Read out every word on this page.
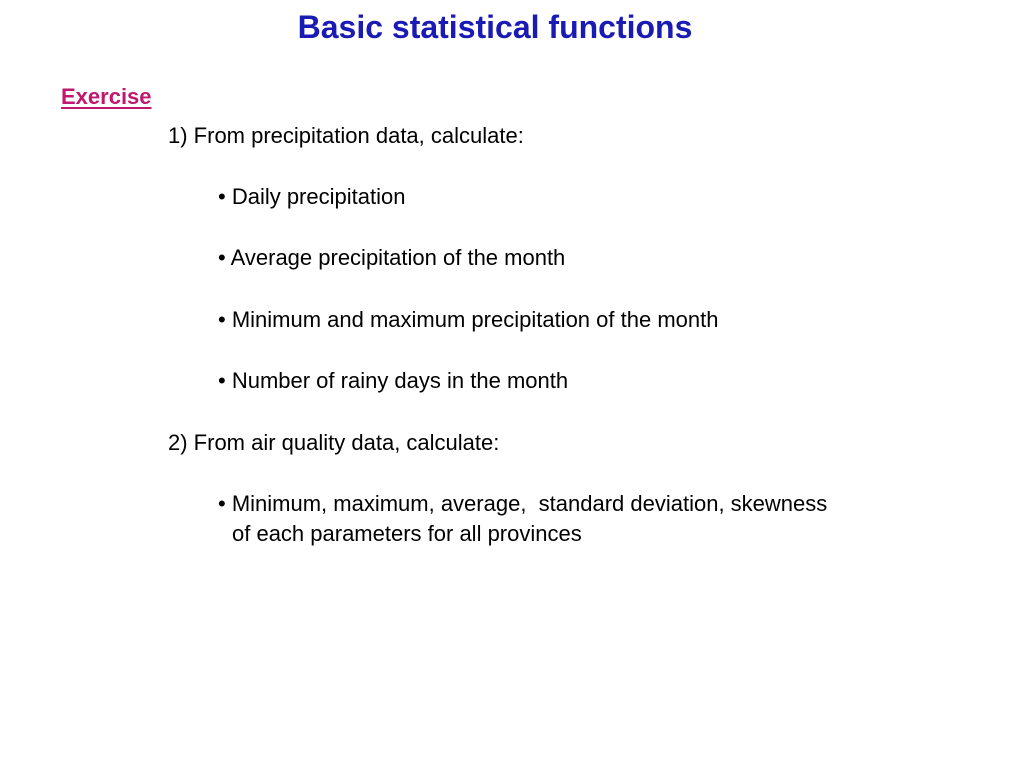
Basic statistical functions
Exercise
1) From precipitation data, calculate:
• Daily precipitation
• Average precipitation of the month
• Minimum and maximum precipitation of the month
• Number of rainy days in the month
2) From air quality data, calculate:
• Minimum, maximum, average,  standard deviation, skewness
of each parameters for all provinces
